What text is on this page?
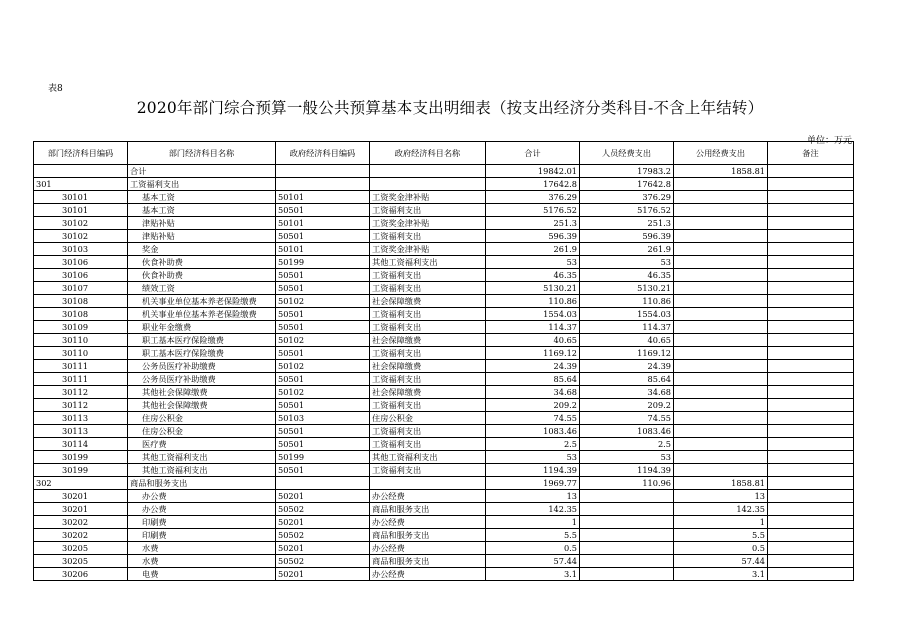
表8
2020年部门综合预算一般公共预算基本支出明细表（按支出经济分类科目-不含上年结转）
单位：万元
部门经济科目编码	部门经济科目名称	政府经济科目编码	政府经济科目名称	合计	人员经费支出	公用经费支出	备注
	合计			19842.01	17983.2	1858.81	
301	工资福利支出			17642.8	17642.8		
30101	基本工资	50101	工资奖金津补贴	376.29	376.29		
30101	基本工资	50501	工资福利支出	5176.52	5176.52		
30102	津贴补贴	50101	工资奖金津补贴	251.3	251.3		
30102	津贴补贴	50501	工资福利支出	596.39	596.39		
30103	奖金	50101	工资奖金津补贴	261.9	261.9		
30106	伙食补助费	50199	其他工资福利支出	53	53		
30106	伙食补助费	50501	工资福利支出	46.35	46.35		
30107	绩效工资	50501	工资福利支出	5130.21	5130.21		
30108	机关事业单位基本养老保险缴费	50102	社会保障缴费	110.86	110.86		
30108	机关事业单位基本养老保险缴费	50501	工资福利支出	1554.03	1554.03		
30109	职业年金缴费	50501	工资福利支出	114.37	114.37		
30110	职工基本医疗保险缴费	50102	社会保障缴费	40.65	40.65		
30110	职工基本医疗保险缴费	50501	工资福利支出	1169.12	1169.12		
30111	公务员医疗补助缴费	50102	社会保障缴费	24.39	24.39		
30111	公务员医疗补助缴费	50501	工资福利支出	85.64	85.64		
30112	其他社会保障缴费	50102	社会保障缴费	34.68	34.68		
30112	其他社会保障缴费	50501	工资福利支出	209.2	209.2		
30113	住房公积金	50103	住房公积金	74.55	74.55		
30113	住房公积金	50501	工资福利支出	1083.46	1083.46		
30114	医疗费	50501	工资福利支出	2.5	2.5		
30199	其他工资福利支出	50199	其他工资福利支出	53	53		
30199	其他工资福利支出	50501	工资福利支出	1194.39	1194.39		
302	商品和服务支出			1969.77	110.96	1858.81	
30201	办公费	50201	办公经费	13		13	
30201	办公费	50502	商品和服务支出	142.35		142.35	
30202	印刷费	50201	办公经费	1		1	
30202	印刷费	50502	商品和服务支出	5.5		5.5	
30205	水费	50201	办公经费	0.5		0.5	
30205	水费	50502	商品和服务支出	57.44		57.44	
30206	电费	50201	办公经费	3.1		3.1	
